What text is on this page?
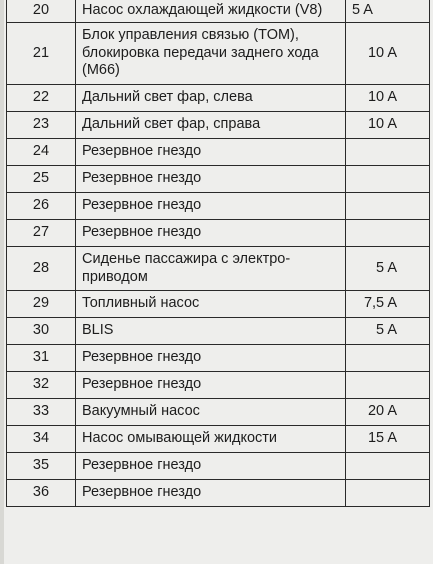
20	Насос охлаждающей жидкости (V8)	5 A
21	Блок управления связью (TOM), блокировка передачи заднего хода (M66)	10 A
22	Дальний свет фар, слева	10 A
23	Дальний свет фар, справа	10 A
24	Резервное гнездо	
25	Резервное гнездо	
26	Резервное гнездо	
27	Резервное гнездо	
28	Сиденье пассажира с электро-приводом	5 A
29	Топливный насос	7,5 A
30	BLIS	5 A
31	Резервное гнездо	
32	Резервное гнездо	
33	Вакуумный насос	20 A
34	Насос омывающей жидкости	15 A
35	Резервное гнездо	
36	Резервное гнездо	
